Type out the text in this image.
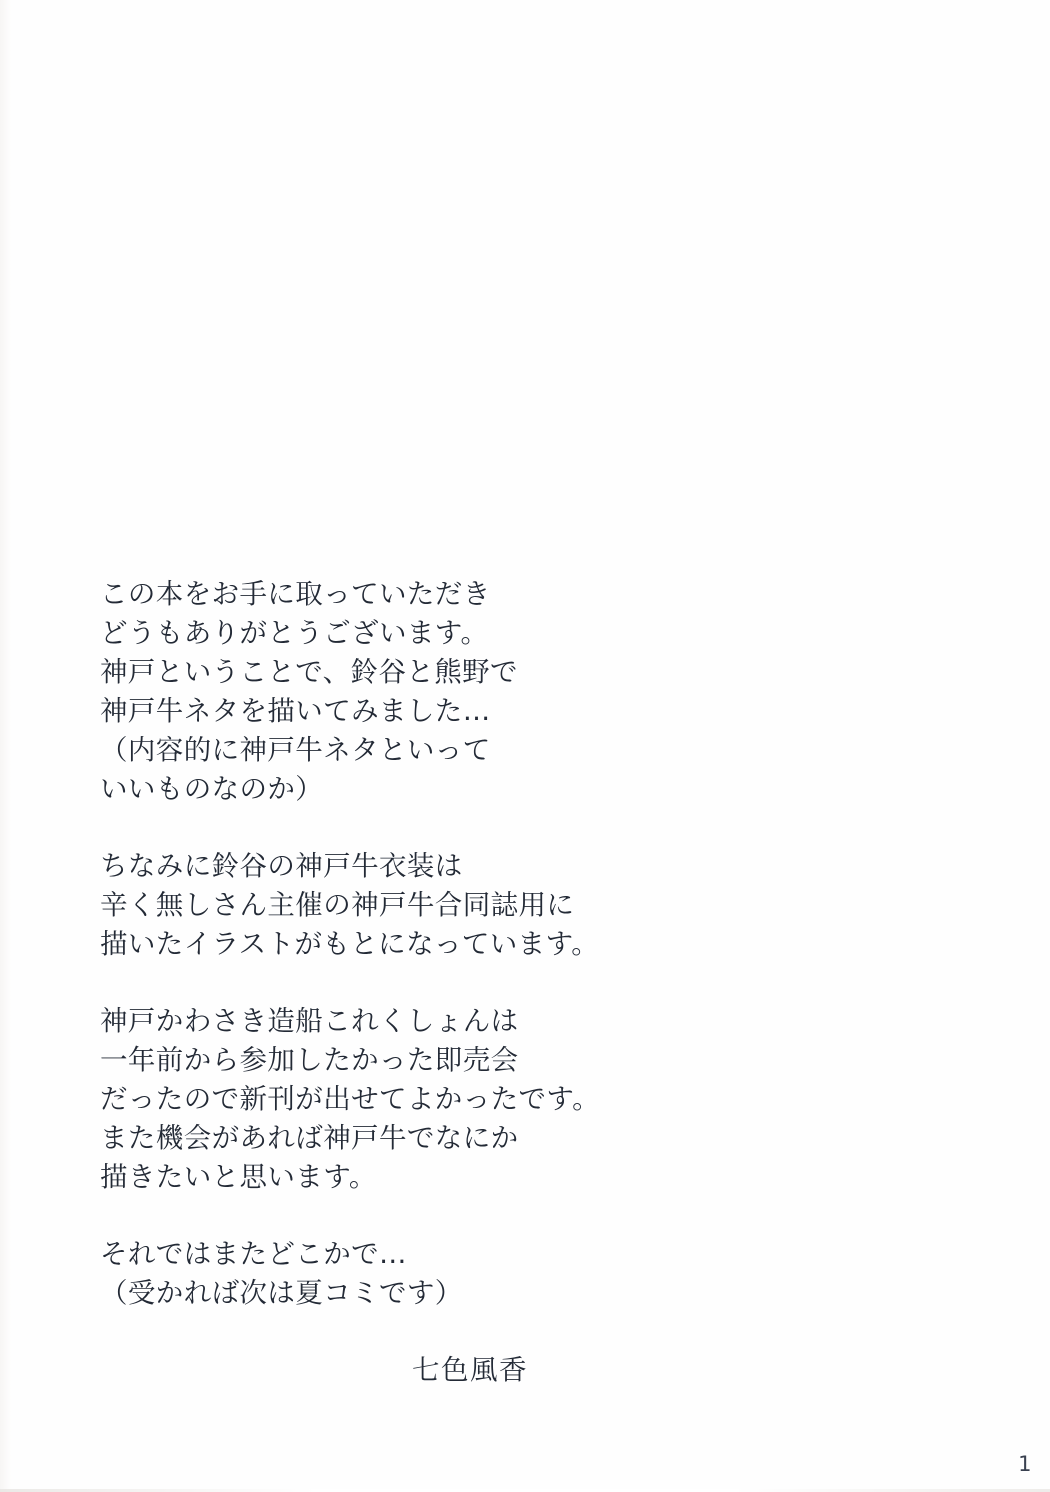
この本をお手に取っていただき
どうもありがとうございます。
神戸ということで、鈴谷と熊野で
神戸牛ネタを描いてみました…
（内容的に神戸牛ネタといって
いいものなのか）
ちなみに鈴谷の神戸牛衣装は
辛く無しさん主催の神戸牛合同誌用に
描いたイラストがもとになっています。
神戸かわさき造船これくしょんは
一年前から参加したかった即売会
だったので新刊が出せてよかったです。
また機会があれば神戸牛でなにか
描きたいと思います。
それではまたどこかで…
（受かれば次は夏コミです）
七色風香
1
